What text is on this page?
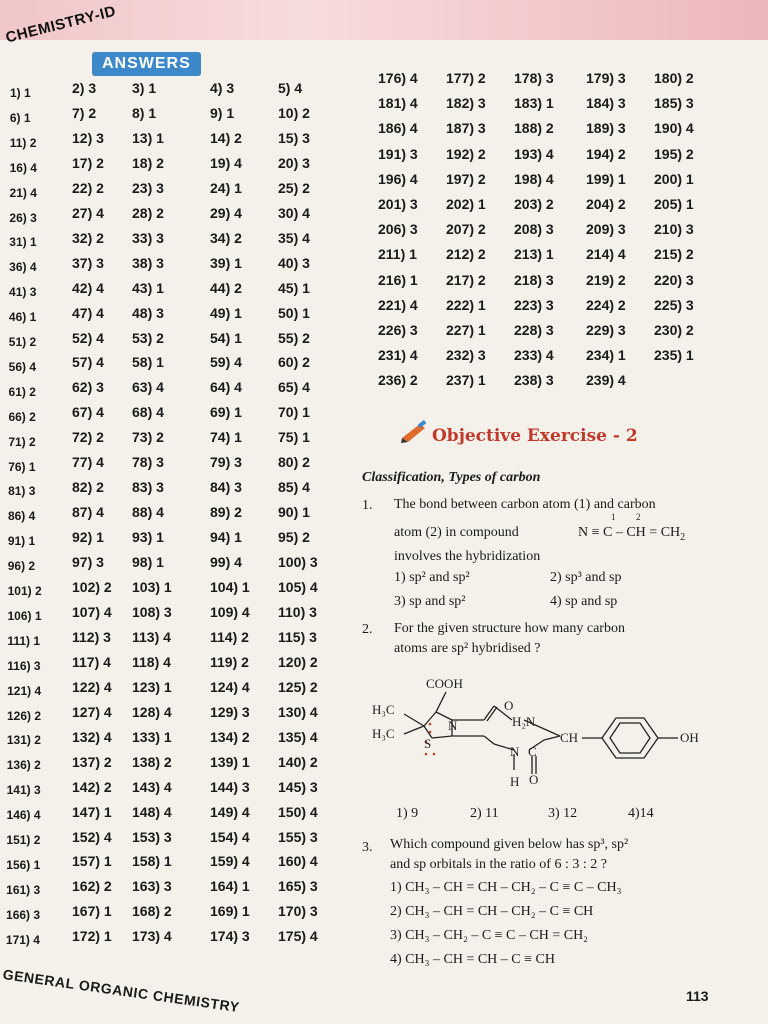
CHEMISTRY-ID
ANSWERS
1) 1	2) 3	3) 1	4) 3	5) 4
6) 1	7) 2	8) 1	9) 1	10) 2
11) 2	12) 3 13) 1	14) 2	15) 3
16) 4	17) 2 18) 2	19) 4	20) 3
21) 4	22) 2 23) 3	24) 1	25) 2
26) 3	27) 4 28) 2	29) 4	30) 4
31) 1	32) 2 33) 3	34) 2	35) 4
36) 4	37) 3 38) 3	39) 1	40) 3
41) 3	42) 4 43) 1	44) 2	45) 1
46) 1	47) 4 48) 3	49) 1	50) 1
51) 2	52) 4 53) 2	54) 1	55) 2
56) 4	57) 4 58) 1	59) 4	60) 2
61) 2	62) 3 63) 4	64) 4	65) 4
66) 2	67) 4 68) 4	69) 1	70) 1
71) 2	72) 2 73) 2	74) 1	75) 1
76) 1	77) 4 78) 3	79) 3	80) 2
81) 3	82) 2 83) 3	84) 3	85) 4
86) 4	87) 4 88) 4	89) 2	90) 1
91) 1	92) 1 93) 1	94) 1	95) 2
96) 2	97) 3 98) 1	99) 4	100) 3
101) 2 102) 2 103) 1	104) 1 105) 4
106) 1 107) 4 108) 3	109) 4 110) 3
111) 1 112) 3 113) 4	114) 2 115) 3
116) 3 117) 4 118) 4	119) 2 120) 2
121) 4 122) 4 123) 1	124) 4 125) 2
126) 2 127) 4 128) 4	129) 3 130) 4
131) 2 132) 4 133) 1	134) 2 135) 4
136) 2 137) 2 138) 2	139) 1 140) 2
141) 3 142) 2 143) 4	144) 3 145) 3
146) 4 147) 1 148) 4	149) 4 150) 4
151) 2 152) 4 153) 3	154) 4 155) 3
156) 1 157) 1 158) 1	159) 4 160) 4
161) 3 162) 2 163) 3	164) 1 165) 3
166) 3 167) 1 168) 2	169) 1 170) 3
171) 4 172) 1 173) 4	174) 3 175) 4
176) 4 177) 2 178) 3 179) 3 180) 2
181) 4 182) 3 183) 1 184) 3 185) 3
186) 4 187) 3 188) 2 189) 3 190) 4
191) 3 192) 2 193) 4 194) 2 195) 2
196) 4 197) 2 198) 4 199) 1 200) 1
201) 3 202) 1 203) 2 204) 2 205) 1
206) 3 207) 2 208) 3 209) 3 210) 3
211) 1 212) 2 213) 1 214) 4 215) 2
216) 1 217) 2 218) 3 219) 2 220) 3
221) 4 222) 1 223) 3 224) 2 225) 3
226) 3 227) 1 228) 3 229) 3 230) 2
231) 4 232) 3 233) 4 234) 1 235) 1
236) 2 237) 1 238) 3 239) 4
Objective Exercise - 2
Classification, Types of carbon
1. The bond between carbon atom (1) and carbon
atom (2) in compound	N ≡ C – CH = $CH_2$
1 2
involves the hybridization
1) sp² and sp²	2) sp³ and sp
3) sp and sp²	4) sp and sp
2. For the given structure how many carbon
atoms are sp² hybridised ?
COOH
H₃C
H₃C
S
N
O
H₂N
CH
N C
H O
OH
1) 9	2) 11	3) 12	4)14
3. Which compound given below has sp³, sp²
and sp orbitals in the ratio of 6 : 3 : 2 ?
1) CH₃ – CH = CH – CH₂ – C ≡ C – CH₃
2) CH₃ – CH = CH – CH₂ – C ≡ CH
3) CH₃ – CH₂ – C ≡ C – CH = CH₂
4) CH₃ – CH = CH – C ≡ CH
GENERAL ORGANIC CHEMISTRY	113
